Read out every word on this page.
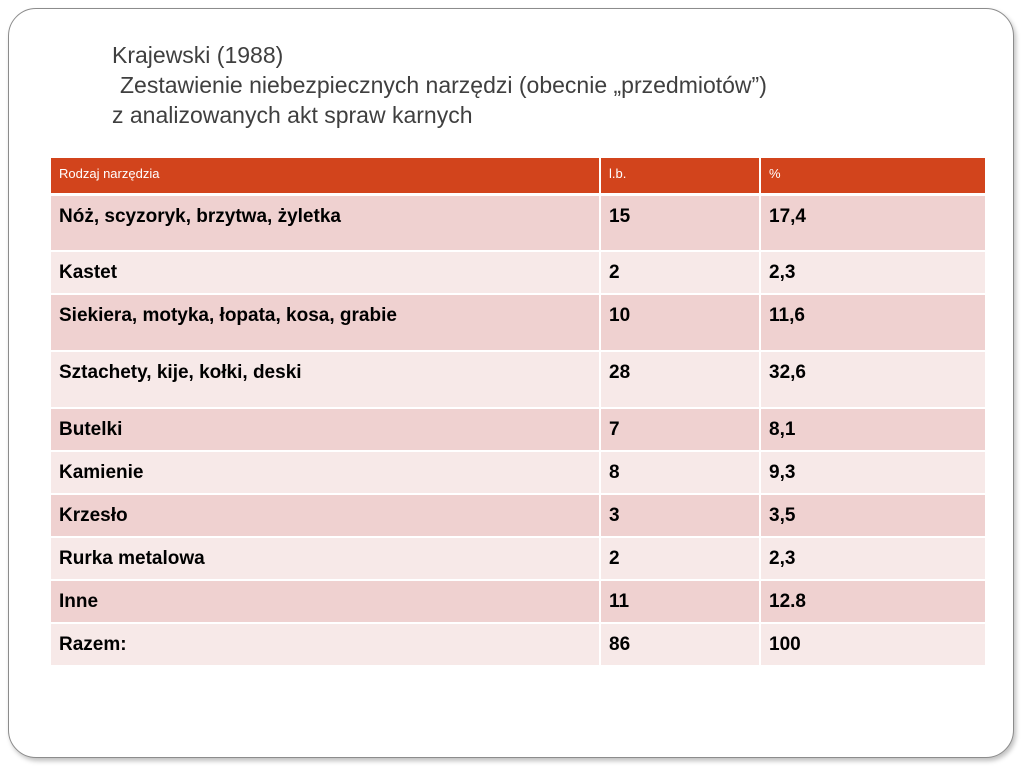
Krajewski (1988)
Zestawienie niebezpiecznych narzędzi (obecnie „przedmiotów”)
z analizowanych akt spraw karnych
Rodzaj narzędzia	l.b.	%
Nóż, scyzoryk, brzytwa, żyletka	15	17,4
Kastet	2	2,3
Siekiera, motyka, łopata, kosa, grabie	10	11,6
Sztachety, kije, kołki, deski	28	32,6
Butelki	7	8,1
Kamienie	8	9,3
Krzesło	3	3,5
Rurka metalowa	2	2,3
Inne	11	12.8
Razem:	86	100
